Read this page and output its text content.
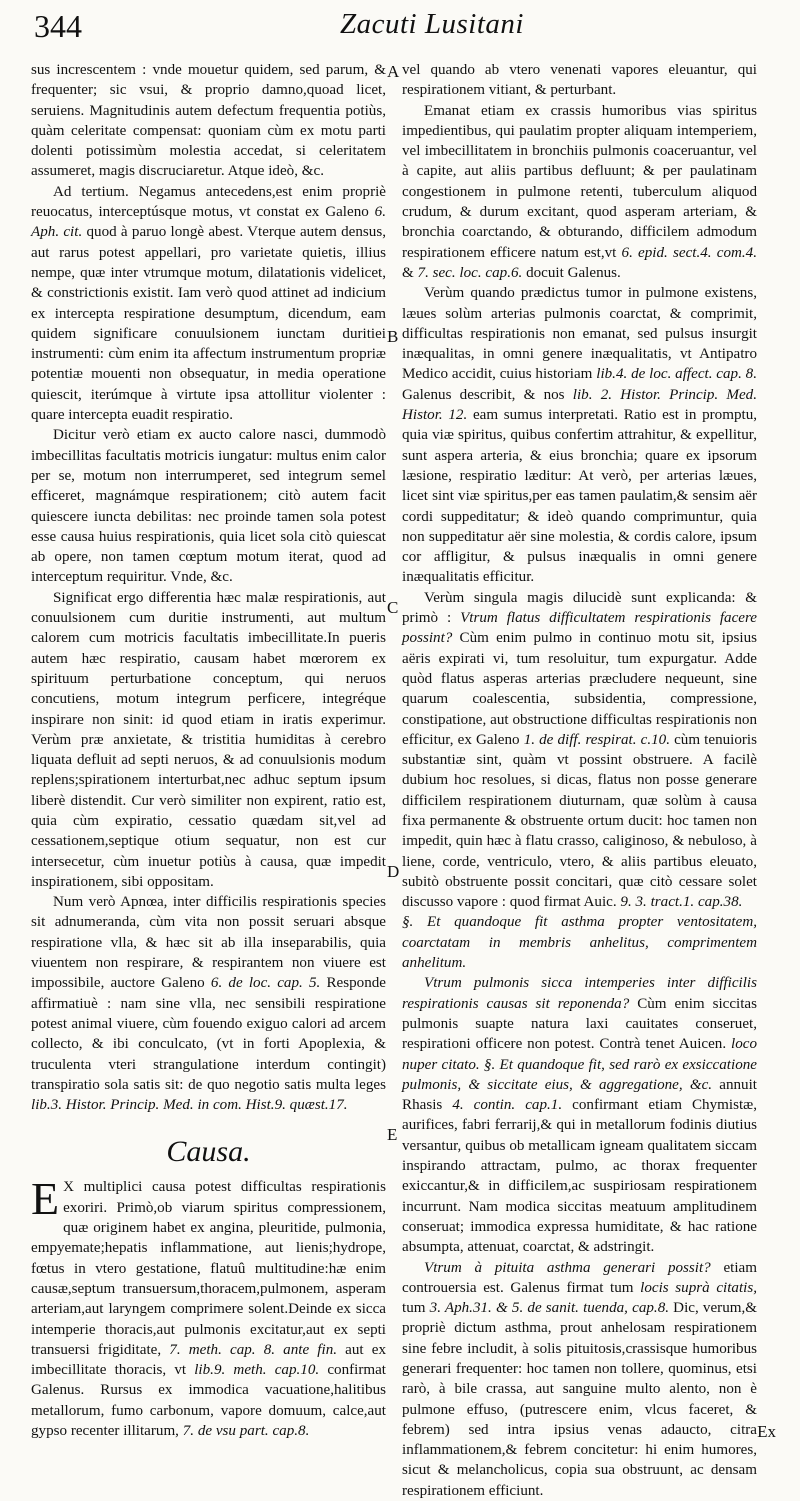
344	Zacuti Lusitani
A
B
C
D
E

sus increscentem : vnde mouetur quidem, sed parum, & frequenter; sic vsui, & proprio damno,quoad licet, seruiens. Magnitudinis autem defectum frequentia potiùs, quàm celeritate compensat: quoniam cùm ex motu parti dolenti potissimùm molestia accedat, si celeritatem assumeret, magis discruciaretur. Atque ideò, &c.

Ad tertium. Negamus antecedens,est enim propriè reuocatus, interceptúsque motus, vt constat ex Galeno 6. Aph. cit. quod à paruo longè abest. Vterque autem densus, aut rarus potest appellari, pro varietate quietis, illius nempe, quæ inter vtrumque motum, dilatationis videlicet, & constrictionis existit. Iam verò quod attinet ad indicium ex intercepta respiratione desumptum, dicendum, eam quidem significare conuulsionem iunctam duritiei instrumenti: cùm enim ita affectum instrumentum propriæ potentiæ mouenti non obsequatur, in media operatione quiescit, iterúmque à virtute ipsa attollitur violenter : quare intercepta euadit respiratio.

Dicitur verò etiam ex aucto calore nasci, dummodò imbecillitas facultatis motricis iungatur: multus enim calor per se, motum non interrumperet, sed integrum semel efficeret, magnámque respirationem; citò autem facit quiescere iuncta debilitas: nec proinde tamen sola potest esse causa huius respirationis, quia licet sola citò quiescat ab opere, non tamen cœptum motum iterat, quod ad interceptum requiritur. Vnde, &c.

Significat ergo differentia hæc malæ respirationis, aut conuulsionem cum duritie instrumenti, aut multum calorem cum motricis facultatis imbecillitate.In pueris autem hæc respiratio, causam habet mœrorem ex spirituum perturbatione conceptum, qui neruos concutiens, motum integrum perficere, integréque inspirare non sinit: id quod etiam in iratis experimur. Verùm præ anxietate, & tristitia humiditas à cerebro liquata defluit ad septi neruos, & ad conuulsionis modum replens;spirationem interturbat,nec adhuc septum ipsum liberè distendit. Cur verò similiter non expirent, ratio est, quia cùm expiratio, cessatio quædam sit,vel ad cessationem,septique otium sequatur, non est cur intersecetur, cùm inuetur potiùs à causa, quæ impedit inspirationem, sibi oppositam.

Num verò Apnœa, inter difficilis respirationis species sit adnumeranda, cùm vita non possit seruari absque respiratione vlla, & hæc sit ab illa inseparabilis, quia viuentem non respirare, & respirantem non viuere est impossibile, auctore Galeno 6. de loc. cap. 5. Responde affirmatiuè : nam sine vlla, nec sensibili respiratione potest animal viuere, cùm fouendo exiguo calori ad arcem collecto, & ibi conculcato, (vt in forti Apoplexia, & truculenta vteri strangulatione interdum contingit) transpiratio sola satis sit: de quo negotio satis multa leges lib.3. Histor. Princip. Med. in com. Hist.9. quæst.17.

Causa.

E X multiplici causa potest difficultas respirationis exoriri. Primò,ob viarum spiritus compressionem, quæ originem habet ex angina, pleuritide, pulmonia, empyemate;hepatis inflammatione, aut lienis;hydrope, fœtus in vtero gestatione, flatuû multitudine:hæ enim causæ,septum transuersum,thoracem,pulmonem, asperam arteriam,aut laryngem comprimere solent.Deinde ex sicca intemperie thoracis,aut pulmonis excitatur,aut ex septi transuersi frigiditate, 7. meth. cap. 8. ante fin. aut ex imbecillitate thoracis, vt lib.9. meth. cap.10. confirmat Galenus. Rursus ex immodica vacuatione,halitibus metallorum, fumo carbonum, vapore domuum, calce,aut gypso recenter illitarum, 7. de vsu part. cap.8.

vel quando ab vtero venenati vapores eleuantur, qui respirationem vitiant, & perturbant.

Emanat etiam ex crassis humoribus vias spiritus impedientibus, qui paulatim propter aliquam intemperiem, vel imbecillitatem in bronchiis pulmonis coaceruantur, vel à capite, aut aliis partibus defluunt; & per paulatinam congestionem in pulmone retenti, tuberculum aliquod crudum, & durum excitant, quod asperam arteriam, & bronchia coarctando, & obturando, difficilem admodum respirationem efficere natum est,vt 6. epid. sect.4. com.4. & 7. sec. loc. cap.6. docuit Galenus.

Verùm quando prædictus tumor in pulmone existens, læues solùm arterias pulmonis coarctat, & comprimit, difficultas respirationis non emanat, sed pulsus insurgit inæqualitas, in omni genere inæqualitatis, vt Antipatro Medico accidit, cuius historiam lib.4. de loc. affect. cap. 8. Galenus describit, & nos lib. 2. Histor. Princip. Med. Histor. 12. eam sumus interpretati. Ratio est in promptu, quia viæ spiritus, quibus confertim attrahitur, & expellitur, sunt aspera arteria, & eius bronchia; quare ex ipsorum læsione, respiratio læditur: At verò, per arterias læues, licet sint viæ spiritus,per eas tamen paulatim,& sensim aër cordi suppeditatur; & ideò quando comprimuntur, quia non suppeditatur aër sine molestia, & cordis calore, ipsum cor affligitur, & pulsus inæqualis in omni genere inæqualitatis efficitur.

Verùm singula magis dilucidè sunt explicanda: & primò : Vtrum flatus difficultatem respirationis facere possint? Cùm enim pulmo in continuo motu sit, ipsius aëris expirati vi, tum resoluitur, tum expurgatur. Adde quòd flatus asperas arterias præcludere nequeunt, sine quarum coalescentia, subsidentia, compressione, constipatione, aut obstructione difficultas respirationis non efficitur, ex Galeno 1. de diff. respirat. c.10. cùm tenuioris substantiæ sint, quàm vt possint obstruere. A facilè dubium hoc resolues, si dicas, flatus non posse generare difficilem respirationem diuturnam, quæ solùm à causa fixa permanente & obstruente ortum ducit: hoc tamen non impedit, quin hæc à flatu crasso, caliginoso, & nebuloso, à liene, corde, ventriculo, vtero, & aliis partibus eleuato, subitò obstruente possit concitari, quæ citò cessare solet discusso vapore : quod firmat Auic. 9. 3. tract.1. cap.38.

§. Et quandoque fit asthma propter ventositatem, coarctatam in membris anhelitus, comprimentem anhelitum.

Vtrum pulmonis sicca intemperies inter difficilis respirationis causas sit reponenda? Cùm enim siccitas pulmonis suapte natura laxi cauitates conseruet, respirationi officere non potest. Contrà tenet Auicen. loco nuper citato. §. Et quandoque fit, sed rarò ex exsiccatione pulmonis, & siccitate eius, & aggregatione, &c. annuit Rhasis 4. contin. cap.1. confirmant etiam Chymistæ, aurifices, fabri ferrarij,& qui in metallorum fodinis diutius versantur, quibus ob metallicam igneam qualitatem siccam inspirando attractam, pulmo, ac thorax frequenter exiccantur,& in difficilem,ac suspiriosam respirationem incurrunt. Nam modica siccitas meatuum amplitudinem conseruat; immodica expressa humiditate, & hac ratione absumpta, attenuat, coarctat, & adstringit.

Vtrum à pituita asthma generari possit? etiam controuersia est. Galenus firmat tum locis suprà citatis, tum 3. Aph.31. & 5. de sanit. tuenda, cap.8. Dic, verum,& propriè dictum asthma, prout anhelosam respirationem sine febre includit, à solis pituitosis,crassisque humoribus generari frequenter: hoc tamen non tollere, quominus, etsi rarò, à bile crassa, aut sanguine multo alento, non è pulmone effuso, (putrescere enim, vlcus faceret, & febrem) sed intra ipsius venas adaucto, citra inflammationem,& febrem concitetur: hi enim humores, sicut & melancholicus, copia sua obstruunt, ac densam respirationem efficiunt.

Ex
